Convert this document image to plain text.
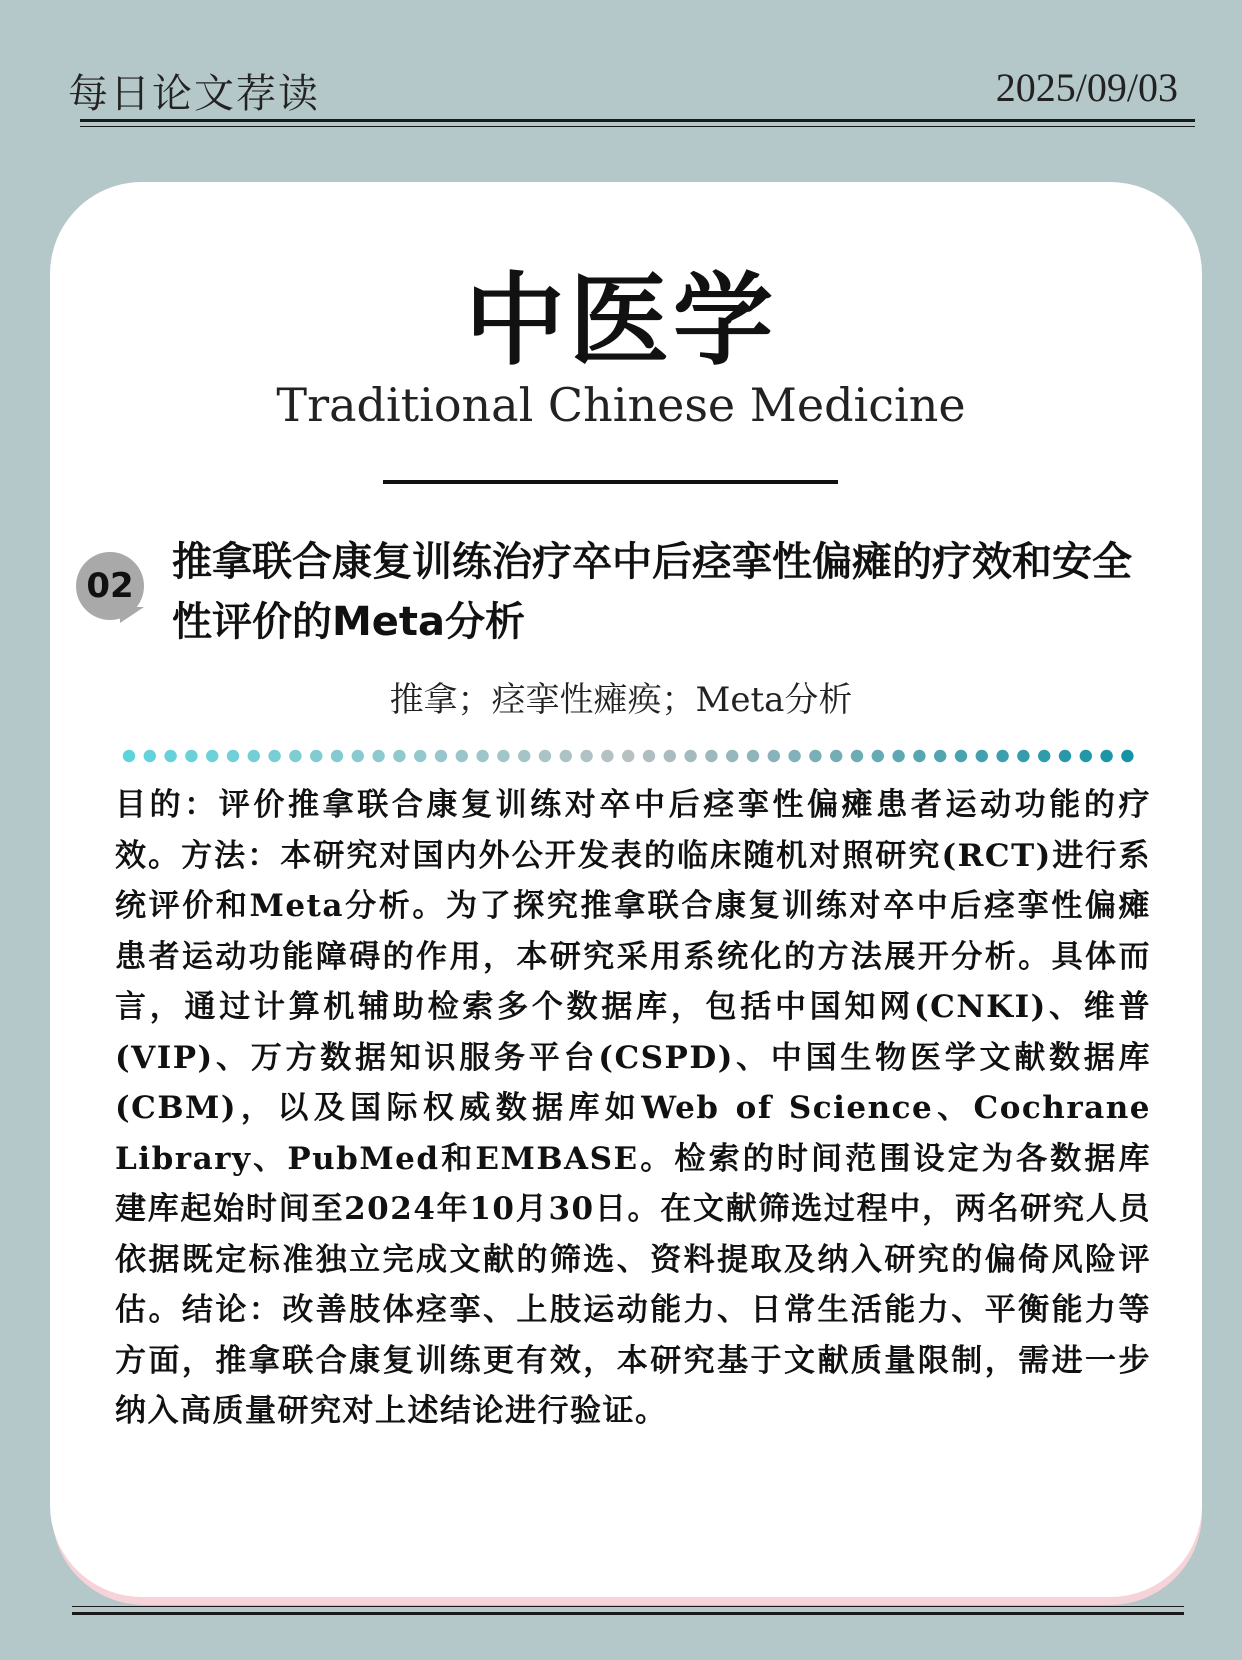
每日论文荐读	2025/09/03
中医学
Traditional Chinese Medicine
02
推拿联合康复训练治疗卒中后痉挛性偏瘫的疗效和安全性评价的Meta分析
推拿；痉挛性瘫痪；Meta分析

目的：评价推拿联合康复训练对卒中后痉挛性偏瘫患者运动功能的疗效。方法：本研究对国内外公开发表的临床随机对照研究(RCT)进行系统评价和Meta分析。为了探究推拿联合康复训练对卒中后痉挛性偏瘫患者运动功能障碍的作用，本研究采用系统化的方法展开分析。具体而言，通过计算机辅助检索多个数据库，包括中国知网(CNKI)、维普(VIP)、万方数据知识服务平台(CSPD)、中国生物医学文献数据库(CBM)，以及国际权威数据库如Web of Science、Cochrane Library、PubMed和EMBASE。检索的时间范围设定为各数据库建库起始时间至2024年10月30日。在文献筛选过程中，两名研究人员依据既定标准独立完成文献的筛选、资料提取及纳入研究的偏倚风险评估。结论：改善肢体痉挛、上肢运动能力、日常生活能力、平衡能力等方面，推拿联合康复训练更有效，本研究基于文献质量限制，需进一步纳入高质量研究对上述结论进行验证。
